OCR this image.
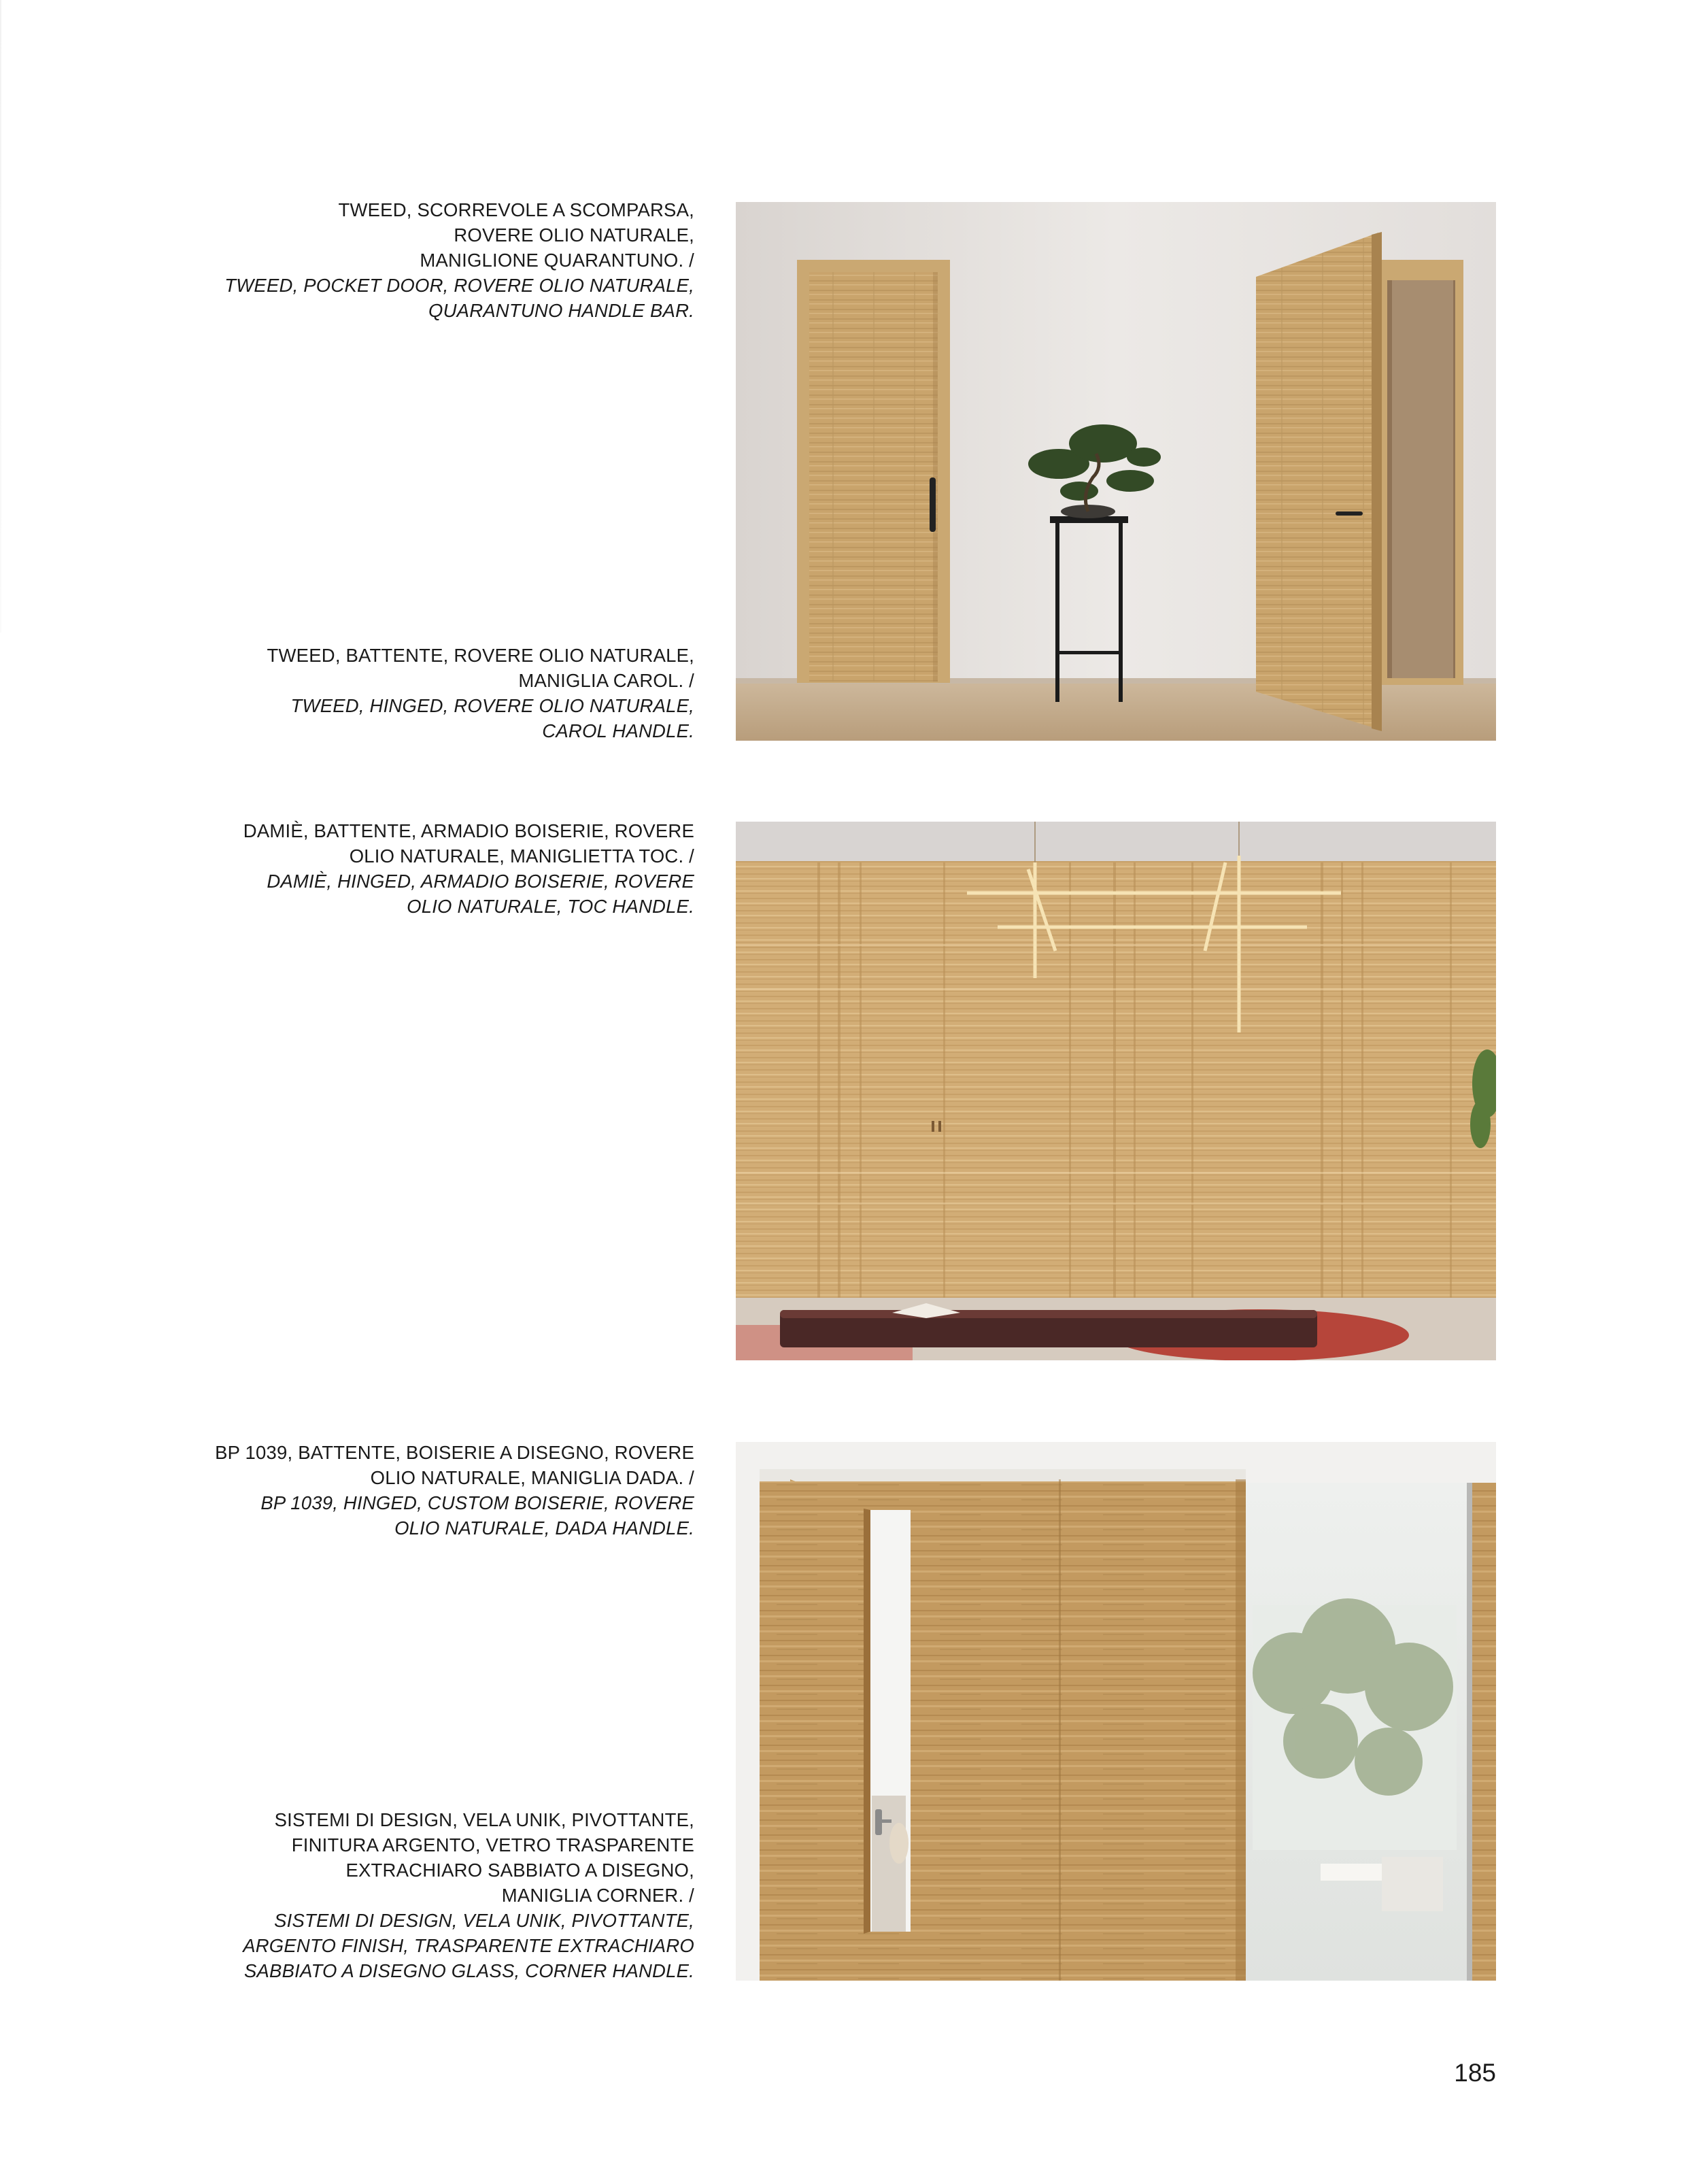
TWEED, SCORREVOLE A SCOMPARSA,
ROVERE OLIO NATURALE,
MANIGLIONE QUARANTUNO. /
TWEED, POCKET DOOR, ROVERE OLIO NATURALE,
QUARANTUNO HANDLE BAR.
TWEED, BATTENTE, ROVERE OLIO NATURALE,
MANIGLIA CAROL. /
TWEED, HINGED, ROVERE OLIO NATURALE,
CAROL HANDLE.
DAMIÈ, BATTENTE, ARMADIO BOISERIE, ROVERE
OLIO NATURALE, MANIGLIETTA TOC. /
DAMIÈ, HINGED, ARMADIO BOISERIE, ROVERE
OLIO NATURALE, TOC HANDLE.
BP 1039, BATTENTE, BOISERIE A DISEGNO, ROVERE
OLIO NATURALE, MANIGLIA DADA. /
BP 1039, HINGED, CUSTOM BOISERIE, ROVERE
OLIO NATURALE, DADA HANDLE.
SISTEMI DI DESIGN, VELA UNIK, PIVOTTANTE,
FINITURA ARGENTO, VETRO TRASPARENTE
EXTRACHIARO SABBIATO A DISEGNO,
MANIGLIA CORNER. /
SISTEMI DI DESIGN, VELA UNIK, PIVOTTANTE,
ARGENTO FINISH, TRASPARENTE EXTRACHIARO
SABBIATO A DISEGNO GLASS, CORNER HANDLE.
185
